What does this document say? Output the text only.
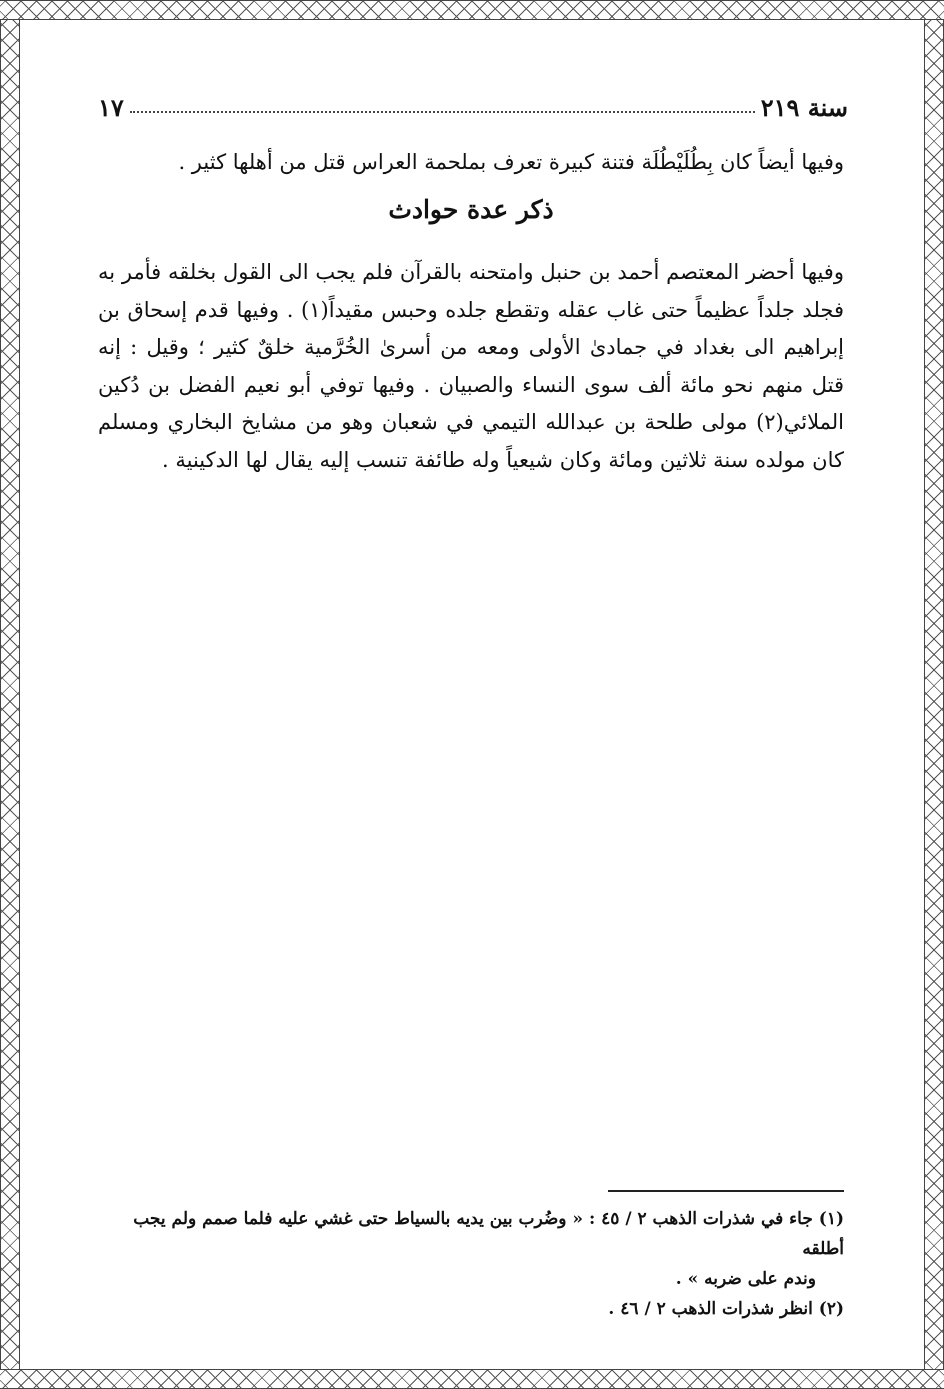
سنة ٢١٩
١٧

وفيها أيضاً كان بِطُلَيْطُلَة فتنة كبيرة تعرف بملحمة العراس قتل من أهلها كثير .

ذكر عدة حوادث

وفيها أحضر المعتصم أحمد بن حنبل وامتحنه بالقرآن فلم يجب الى القول بخلقه فأمر به فجلد جلداً عظيماً حتى غاب عقله وتقطع جلده وحبس مقيداً(١) . وفيها قدم إسحاق بن إبراهيم الى بغداد في جمادىٰ الأولى ومعه من أسرىٰ الخُرَّمية خلقٌ كثير ؛ وقيل : إنه قتل منهم نحو مائة ألف سوى النساء والصبيان . وفيها توفي أبو نعيم الفضل بن دُكين الملائي(٢) مولى طلحة بن عبدالله التيمي في شعبان وهو من مشايخ البخاري ومسلم كان مولده سنة ثلاثين ومائة وكان شيعياً وله طائفة تنسب إليه يقال لها الدكينية .

(١) جاء في شذرات الذهب ٢ / ٤٥ : « وضُرب بين يديه بالسياط حتى غشي عليه فلما صمم ولم يجب أطلقه

وندم على ضربه » .

(٢) انظر شذرات الذهب ٢ / ٤٦ .
